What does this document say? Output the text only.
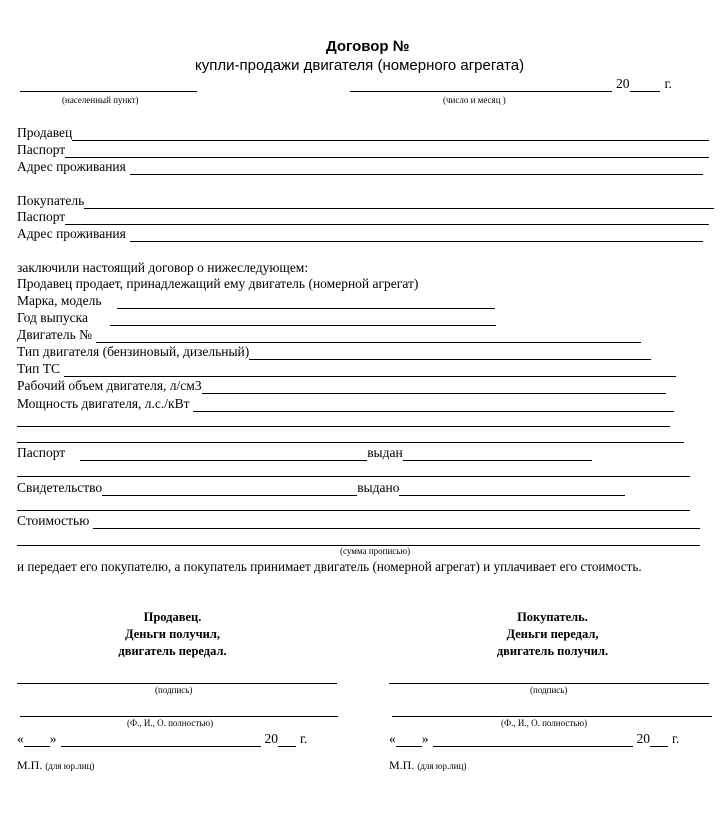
Договор №
купли-продажи двигателя (номерного агрегата)
20	г.
(населенный пункт)	(число и месяц )
Продавец
Паспорт
Адрес проживания
Покупатель
Паспорт
Адрес проживания
заключили настоящий договор о нижеследующем:
Продавец продает, принадлежащий ему двигатель (номерной агрегат)
Марка, модель
Год выпуска
Двигатель №
Тип двигателя (бензиновый, дизельный)
Тип ТС
Рабочий объем двигателя, л/см3
Мощность двигателя, л.с./кВт
Паспорт	выдан
Свидетельство	выдано
Стоимостью
(сумма прописью)
и передает его покупателю, а покупатель принимает двигатель (номерной агрегат) и уплачивает его стоимость.
Продавец.
Деньги получил,
двигатель передал.
(подпись)
(Ф., И., О. полностью)
« »	20 г.
М.П. (для юр.лиц)
Покупатель.
Деньги передал,
двигатель получил.
(подпись)
(Ф., И., О. полностью)
« »	20 г.
М.П. (для юр.лиц)
